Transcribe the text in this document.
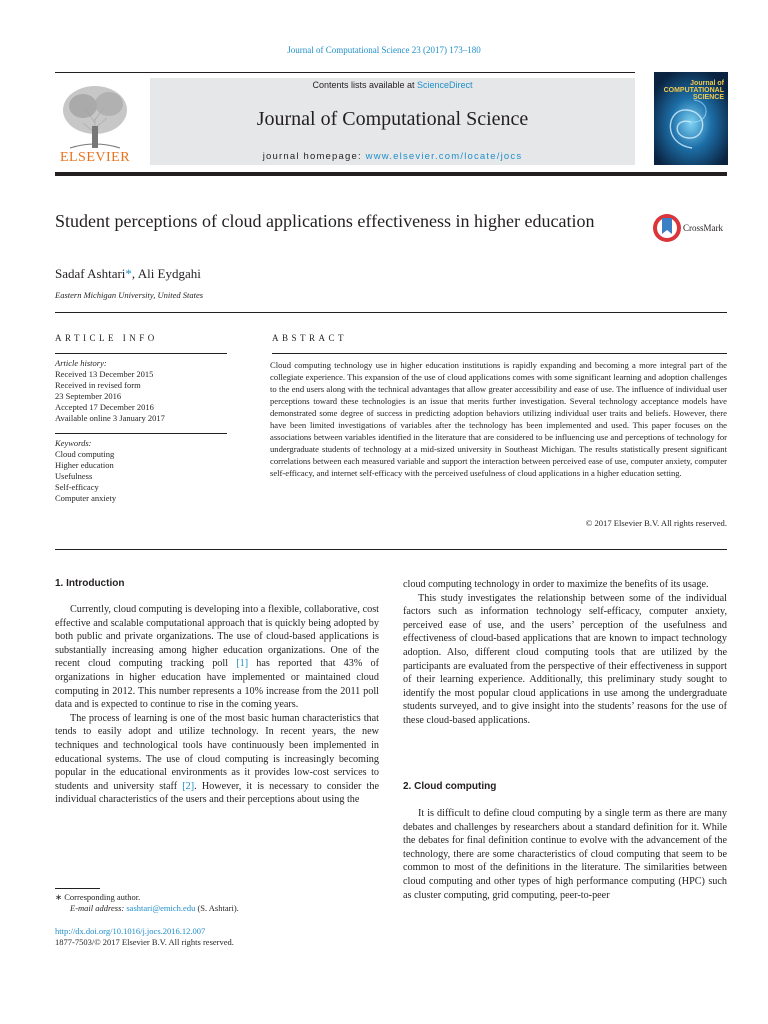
Journal of Computational Science 23 (2017) 173–180
ELSEVIER
Contents lists available at ScienceDirect
Journal of Computational Science
journal homepage: www.elsevier.com/locate/jocs
Journal of COMPUTATIONAL SCIENCE
Student perceptions of cloud applications effectiveness in higher education	CrossMark
Sadaf Ashtari*, Ali Eydgahi
Eastern Michigan University, United States
ARTICLE INFO
Article history:
Received 13 December 2015
Received in revised form
23 September 2016
Accepted 17 December 2016
Available online 3 January 2017
Keywords:
Cloud computing
Higher education
Usefulness
Self-efficacy
Computer anxiety
ABSTRACT
Cloud computing technology use in higher education institutions is rapidly expanding and becoming a more integral part of the collegiate experience. This expansion of the use of cloud applications comes with some significant learning and adoption challenges to the end users along with the technical advantages that allow greater accessibility and ease of use. The influence of individual user perceptions toward these technologies is an issue that merits further investigation. Several technology acceptance models have demonstrated some degree of success in predicting adoption behaviors utilizing individual user traits and beliefs. However, there have been limited investigations of variables after the technology has been implemented and used. This paper focuses on the associations between variables identified in the literature that are considered to be influencing use and perceptions of technology for undergraduate students of technology at a mid-sized university in Southeast Michigan. The results statistically present significant correlations between each measured variable and support the interaction between perceived ease of use, computer anxiety, computer self-efficacy, and internet self-efficacy with the perceived usefulness of cloud applications in a higher education setting.
© 2017 Elsevier B.V. All rights reserved.
1. Introduction

Currently, cloud computing is developing into a flexible, collaborative, cost effective and scalable computational approach that is quickly being adopted by both public and private organizations. The use of cloud-based applications is substantially increasing among higher education organizations. One of the recent cloud computing tracking poll [1] has reported that 43% of organizations in higher education have implemented or maintained cloud computing in 2012. This number represents a 10% increase from the 2011 poll data and is expected to continue to rise in the coming years.

The process of learning is one of the most basic human characteristics that tends to easily adopt and utilize technology. In recent years, the new techniques and technological tools have continuously been implemented in educational systems. The use of cloud computing is increasingly becoming popular in the educational environments as it provides low-cost services to students and university staff [2]. However, it is necessary to consider the individual characteristics of the users and their perceptions about using the

cloud computing technology in order to maximize the benefits of its usage.

This study investigates the relationship between some of the individual factors such as information technology self-efficacy, computer anxiety, perceived ease of use, and the users’ perception of the usefulness and effectiveness of cloud-based applications that are known to impact technology adoption. Also, different cloud computing tools that are utilized by the participants are evaluated from the perspective of their effectiveness in support of their learning experience. Additionally, this preliminary study sought to identify the most popular cloud applications in use among the undergraduate students surveyed, and to give insight into the students’ reasons for the use of these cloud-based applications.

2. Cloud computing

It is difficult to define cloud computing by a single term as there are many debates and challenges by researchers about a standard definition for it. While the debates for final definition continue to evolve with the advancement of the technology, there are some characteristics of cloud computing that seem to be common to most of the definitions in the literature. The similarities between cloud computing and other types of high performance computing (HPC) such as cluster computing, grid computing, peer-to-peer

∗ Corresponding author.
E-mail address: sashtari@emich.edu (S. Ashtari).
http://dx.doi.org/10.1016/j.jocs.2016.12.007
1877-7503/© 2017 Elsevier B.V. All rights reserved.
